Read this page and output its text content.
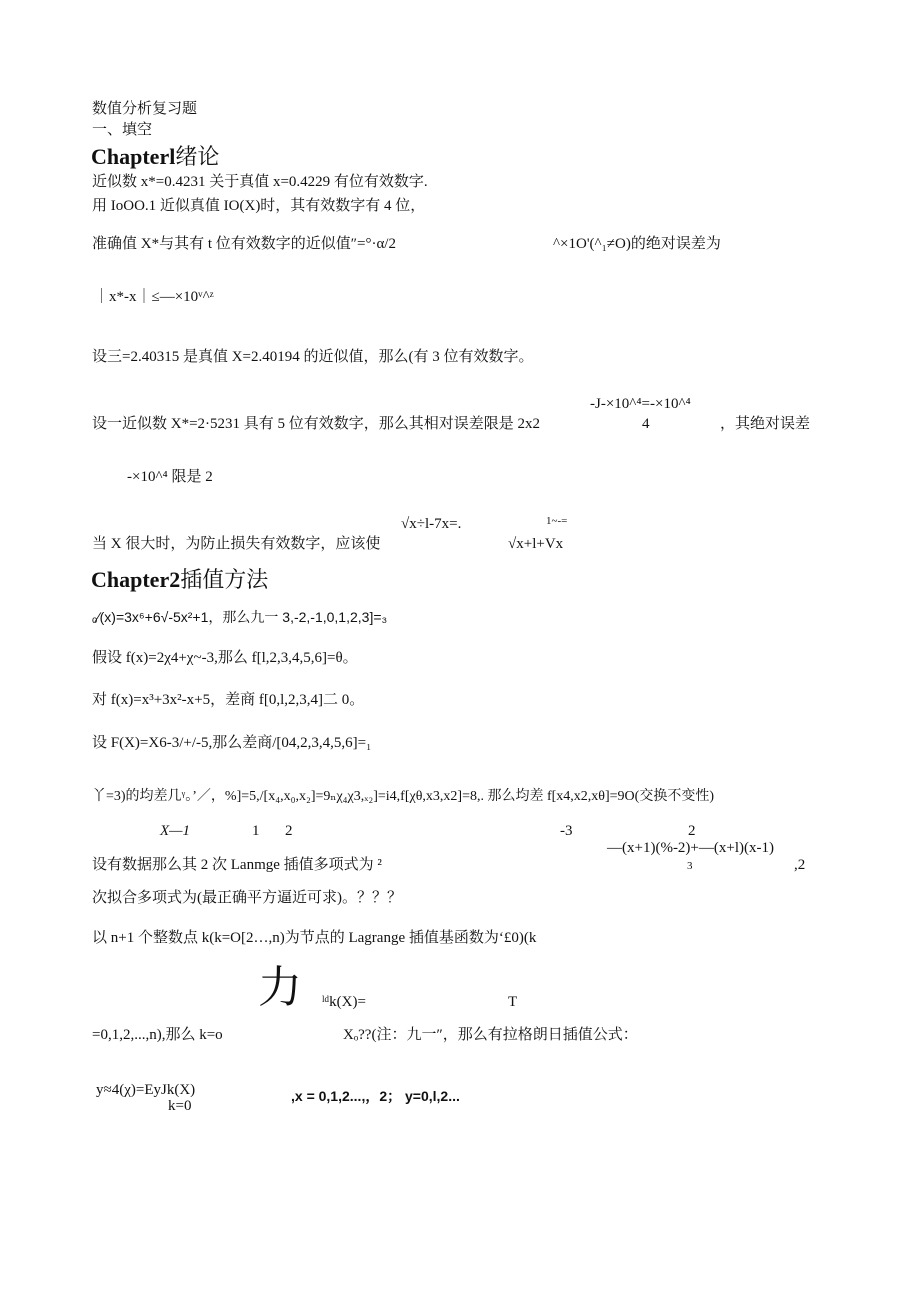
数值分析复习题
一、填空
Chapterl绪论
近似数 x*=0.4231 关于真值 x=0.4229 有位有效数字.
用 IoOO.1 近似真值 IO(X)时，其有效数字有 4 位，
准确值 X*与其有 t 位有效数字的近似值″=°·α/2	^×1O'(^₁≠O)的绝对误差为
｜x*-x｜≤—×10ᵛ^ᶻ
设三=2.40315 是真值 X=2.40194 的近似值，那么(有 3 位有效数字。
-J-×10^⁴=-×10^⁴
设一近似数 X*=2·5231 具有 5 位有效数字，那么其相对误差限是 2x2	4	，其绝对误差
-×10^⁴ 限是 2
√x÷l-7x=.	1~-=
当 X 很大时，为防止损失有效数字，应该使	√x+l+Vx
Chapter2插值方法
ₒ∕(x)=3x⁶+6√-5x²+1，那么九一 3,-2,-1,0,1,2,3]=₃
假设 f(x)=2χ4+χ~-3,那么 f[l,2,3,4,5,6]=θ。
对 f(x)=x³+3x²-x+5，差商 f[0,l,2,3,4]二 0。
设 F(X)=X6-3/+/-5,那么差商/[04,2,3,4,5,6]=₁
丫=3)的均差几ᵞ。’／，%]=5,/[x₄,x₀,x₂]=9ₙχ₄χ3,ₓ₂]=i4,f[χθ,x3,x2]=8,. 那么均差 f[x4,x2,xθ]=9O(交换不变性)
X—1	1 2	-3	2
—(x+1)(%-2)+—(x+l)(x-1)
设有数据那么其 2 次 Lanmge 插值多项式为 ²	3	,2
次拟合多项式为(最正确平方逼近可求)。？？？
以 n+1 个整数点 k(k=O[2…,n)为节点的 Lagrange 插值基函数为‘£0)(k
力 ˡᵈk(X)=	T
=0,1,2,...,n),那么 k=o	Xₒ??(注：九一″，那么有拉格朗日插值公式：
y≈4(χ)=EyJk(X)
k=0
,x = 0,1,2...,，2； y=0,l,2...
